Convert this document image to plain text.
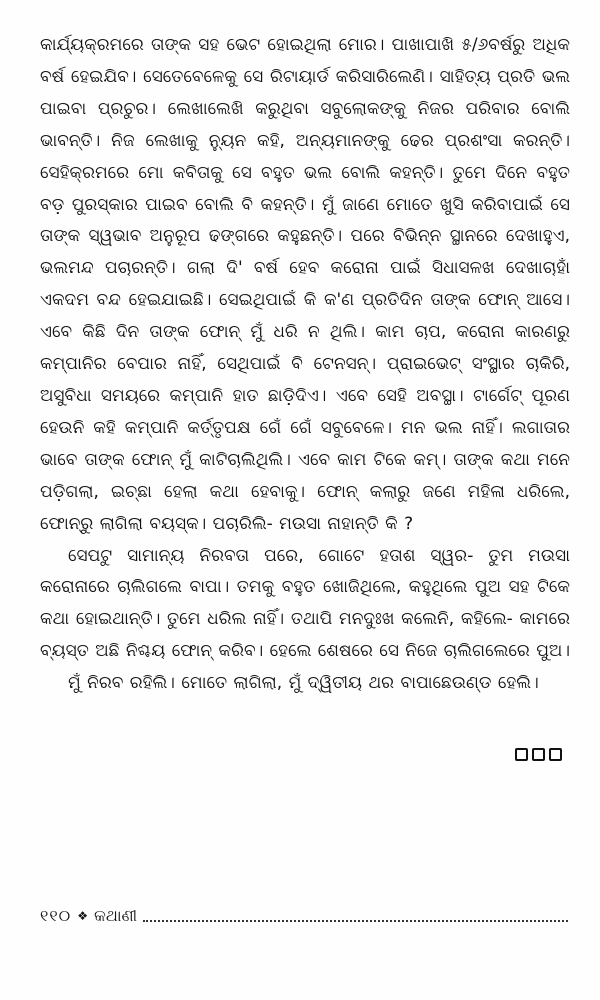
କାର୍ଯ୍ୟକ୍ରମରେ ତାଙ୍କ ସହ ଭେଟ ହୋଇଥିଲା ମୋର। ପାଖାପାଖି ୫/୬ବର୍ଷରୁ ଅଧିକ ବର୍ଷ ହେଇଯିବ। ସେତେବେଳେକୁ ସେ ରିଟାୟାର୍ଡ କରିସାରିଲେଣି। ସାହିତ୍ୟ ପ୍ରତି ଭଲ ପାଇବା ପ୍ରଚୁର। ଲେଖାଲେଖି କରୁଥିବା ସବୁଲୋକଙ୍କୁ ନିଜର ପରିବାର ବୋଲି ଭାବନ୍ତି। ନିଜ ଲେଖାକୁ ନ୍ୟୁନ କହି, ଅନ୍ୟମାନଙ୍କୁ ଢେର ପ୍ରଶଂସା କରନ୍ତି। ସେହିକ୍ରମରେ ମୋ କବିତାକୁ ସେ ବହୁତ ଭଲ ବୋଲି କହନ୍ତି। ତୁମେ ଦିନେ ବହୁତ ବଡ଼ ପୁରସ୍କାର ପାଇବ ବୋଲି ବି କହନ୍ତି। ମୁଁ ଜାଣେ ମୋତେ ଖୁସି କରିବାପାଇଁ ସେ ତାଙ୍କ ସ୍ୱଭାବ ଅନୁରୂପ ଢଙ୍ଗରେ କହୁଛନ୍ତି। ପରେ ବିଭିନ୍ନ ସ୍ଥାନରେ ଦେଖାହୁଏ, ଭଲମନ୍ଦ ପଚାରନ୍ତି। ଗଲା ଦି' ବର୍ଷ ହେବ କରୋନା ପାଇଁ ସିଧାସଳଖ ଦେଖାଚାହାଁ ଏକଦମ ବନ୍ଦ ହେଇଯାଇଛି। ସେଇଥିପାଇଁ କି କ'ଣ ପ୍ରତିଦିନ ତାଙ୍କ ଫୋନ୍ ଆସେ। ଏବେ କିଛି ଦିନ ତାଙ୍କ ଫୋନ୍ ମୁଁ ଧରି ନ ଥିଲି। କାମ ଚାପ, କରୋନା କାରଣରୁ କମ୍ପାନିର ବେପାର ନାହିଁ, ସେଥିପାଇଁ ବି ଟେନସନ୍। ପ୍ରାଇଭେଟ୍ ସଂସ୍ଥାର ଚାକିରି, ଅସୁବିଧା ସମୟରେ କମ୍ପାନି ହାତ ଛାଡ଼ିଦିଏ। ଏବେ ସେହି ଅବସ୍ଥା। ଟାର୍ଗେଟ୍ ପୂରଣ ହେଉନି କହି କମ୍ପାନି କର୍ତ୍ତୃପକ୍ଷ ଗେଁ ଗେଁ ସବୁବେଳେ। ମନ ଭଲ ନାହିଁ। ଲଗାତାର ଭାବେ ତାଙ୍କ ଫୋନ୍ ମୁଁ କାଟିଚାଲିଥିଲି। ଏବେ କାମ ଟିକେ କମ୍। ତାଙ୍କ କଥା ମନେ ପଡ଼ିଗଲା, ଇଚ୍ଛା ହେଲା କଥା ହେବାକୁ। ଫୋନ୍ କଲାରୁ ଜଣେ ମହିଳା ଧରିଲେ, ଫୋନ୍‌ରୁ ଲାଗିଲା ବୟସ୍କ। ପଚାରିଲି- ମଉସା ନାହାନ୍ତି କି ?

ସେପଟୁ ସାମାନ୍ୟ ନିରବତା ପରେ, ଗୋଟେ ହତାଶ ସ୍ୱର- ତୁମ ମଉସା କରୋନାରେ ଚାଲିଗଲେ ବାପା। ତମକୁ ବହୁତ ଖୋଜିଥିଲେ, କହୁଥିଲେ ପୁଅ ସହ ଟିକେ କଥା ହୋଇଥାନ୍ତି। ତୁମେ ଧରିଲ ନାହିଁ। ତଥାପି ମନଦୁଃଖ କଲେନି, କହିଲେ- କାମରେ ବ୍ୟସ୍ତ ଅଛି ନିଶ୍ଚୟ ଫୋନ୍ କରିବ। ହେଲେ ଶେଷରେ ସେ ନିଜେ ଚାଲିଗଲେରେ ପୁଅ।

ମୁଁ ନିରବ ରହିଲି। ମୋତେ ଲାଗିଲା, ମୁଁ ଦ୍ୱିତୀୟ ଥର ବାପାଛେଉଣ୍ଡ ହେଲି।

୧୧୦ ❖ କଥାଣୀ
